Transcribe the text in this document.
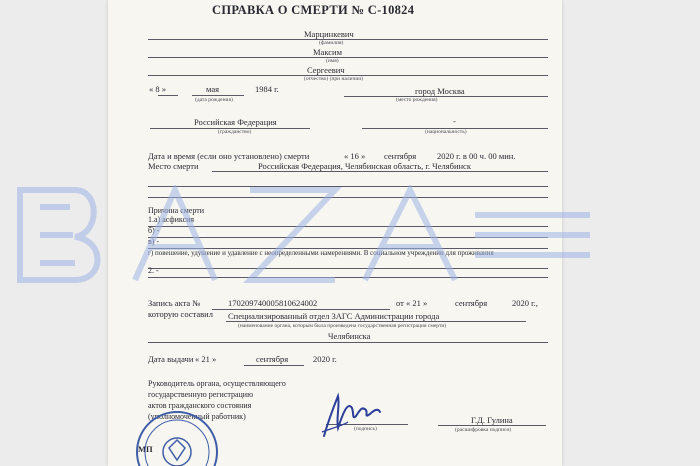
СПРАВКА О СМЕРТИ № С-10824
Марцинкевич
(фамилия)
Максим
(имя)
Сергеевич
(отчество) (при наличии)
« 8 »	мая	1984 г.
(дата рождения)
город Москва
(место рождения)
Российская Федерация
(гражданство)
-
(национальность)
Дата и время (если оно установлено) смерти	« 16 » сентября 2020 г. в 00 ч. 00 мин.
Место смерти	Российская Федерация, Челябинская область, г. Челябинск
Причина смерти
1.а) асфиксия
б) -
в) -
г) повешение, удушение и удавление с неопределенными намерениями. В социальном учреждении для проживания
2. -
Запись акта №	170209740005810624002	от « 21 »	сентября	2020 г.,
которую составил Специализированный отдел ЗАГС Администрации города
(наименование органа, которым была произведена государственная регистрация смерти)
Челябинска
Дата выдачи « 21 »	сентября	2020 г.
Руководитель органа, осуществляющего
государственную регистрацию
актов гражданского состояния
(уполномоченный работник)
(подпись)
Г.Д. Гулина
(расшифровка подписи)
МП
